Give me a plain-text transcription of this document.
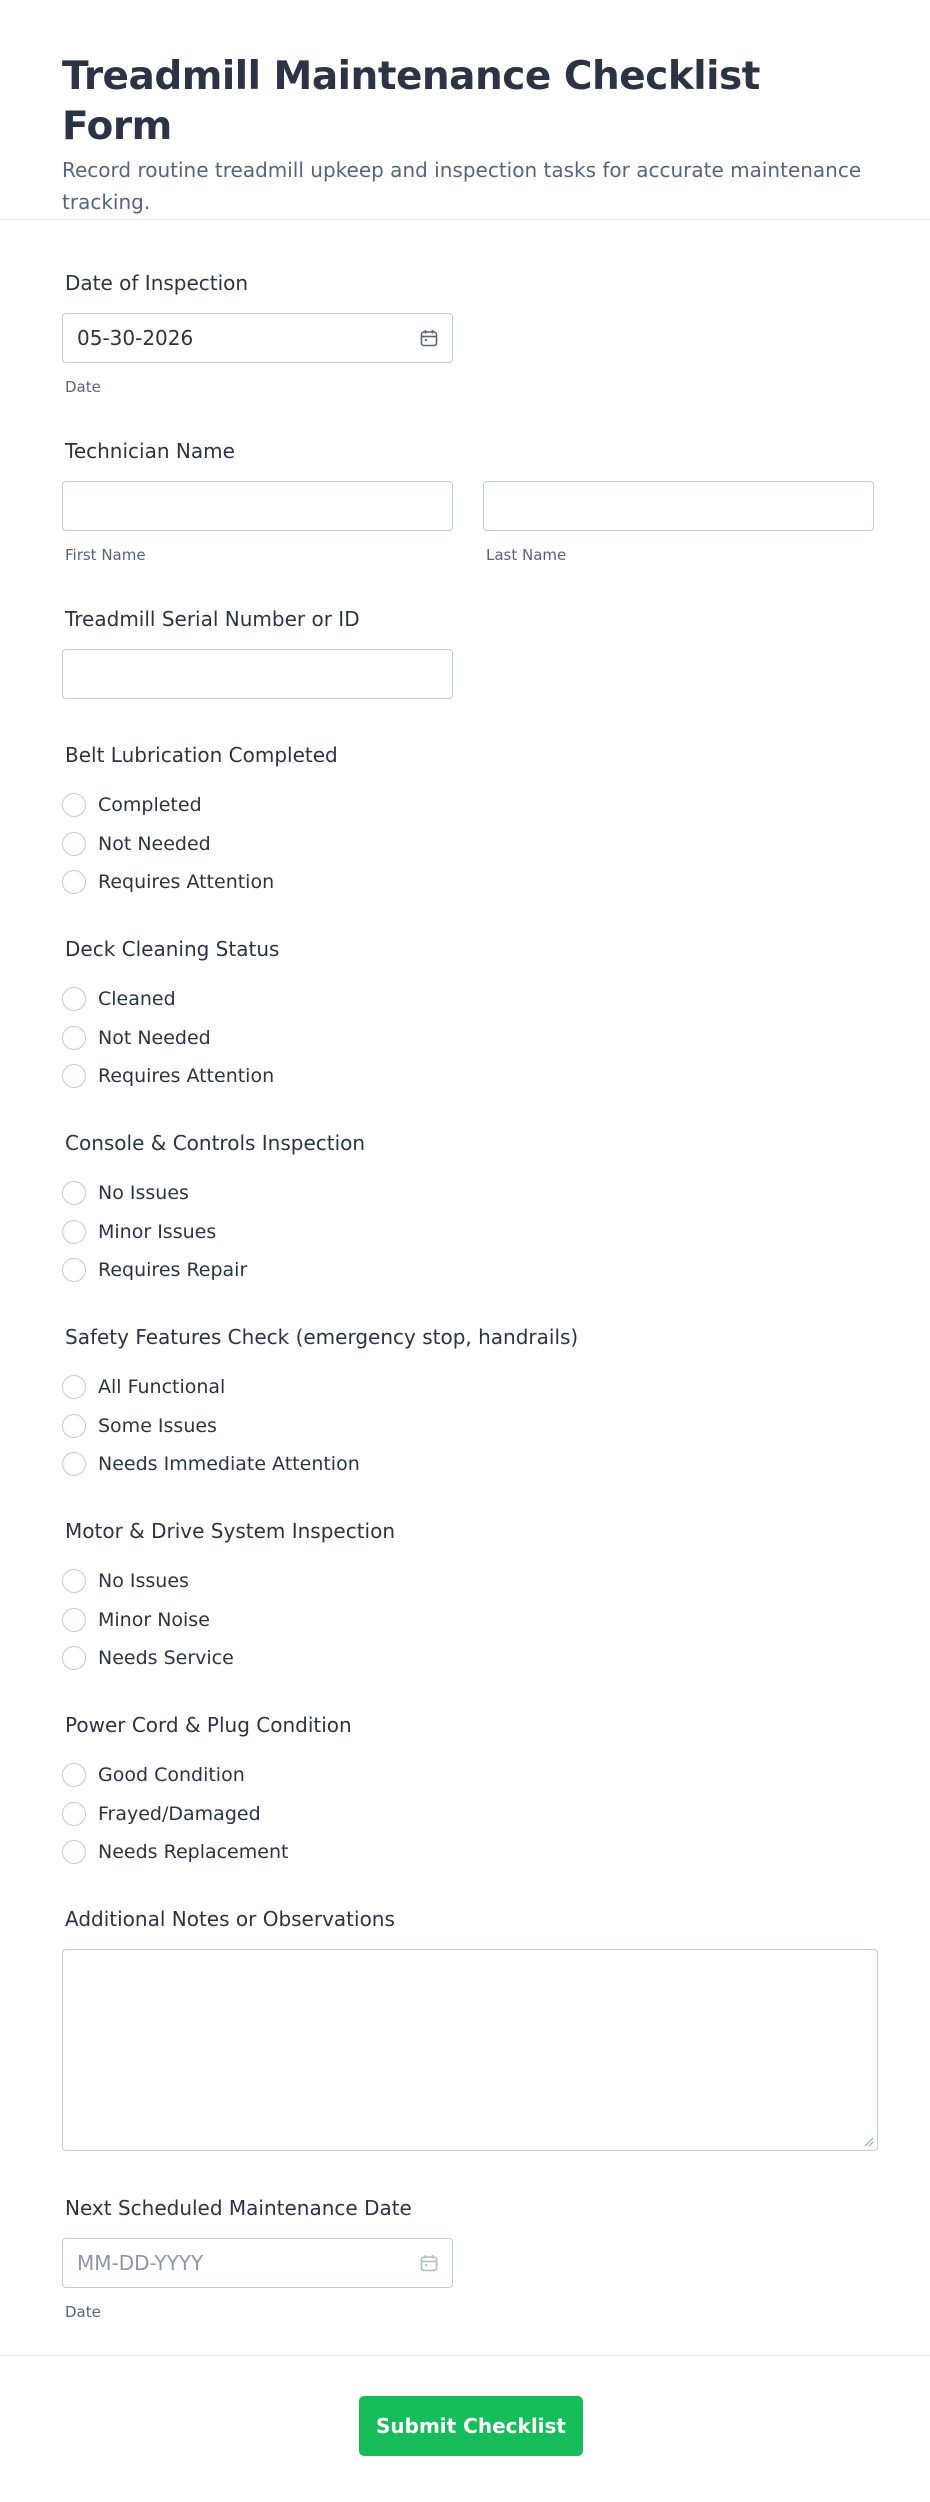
Treadmill Maintenance Checklist Form

Record routine treadmill upkeep and inspection tasks for accurate maintenance tracking.

Date of Inspection
05-30-2026
Date
Technician Name
First Name	Last Name
Treadmill Serial Number or ID
Belt Lubrication Completed
Completed
Not Needed
Requires Attention
Deck Cleaning Status
Cleaned
Not Needed
Requires Attention
Console & Controls Inspection
No Issues
Minor Issues
Requires Repair
Safety Features Check (emergency stop, handrails)
All Functional
Some Issues
Needs Immediate Attention
Motor & Drive System Inspection
No Issues
Minor Noise
Needs Service
Power Cord & Plug Condition
Good Condition
Frayed/Damaged
Needs Replacement
Additional Notes or Observations
Next Scheduled Maintenance Date
MM-DD-YYYY
Date
Submit Checklist
